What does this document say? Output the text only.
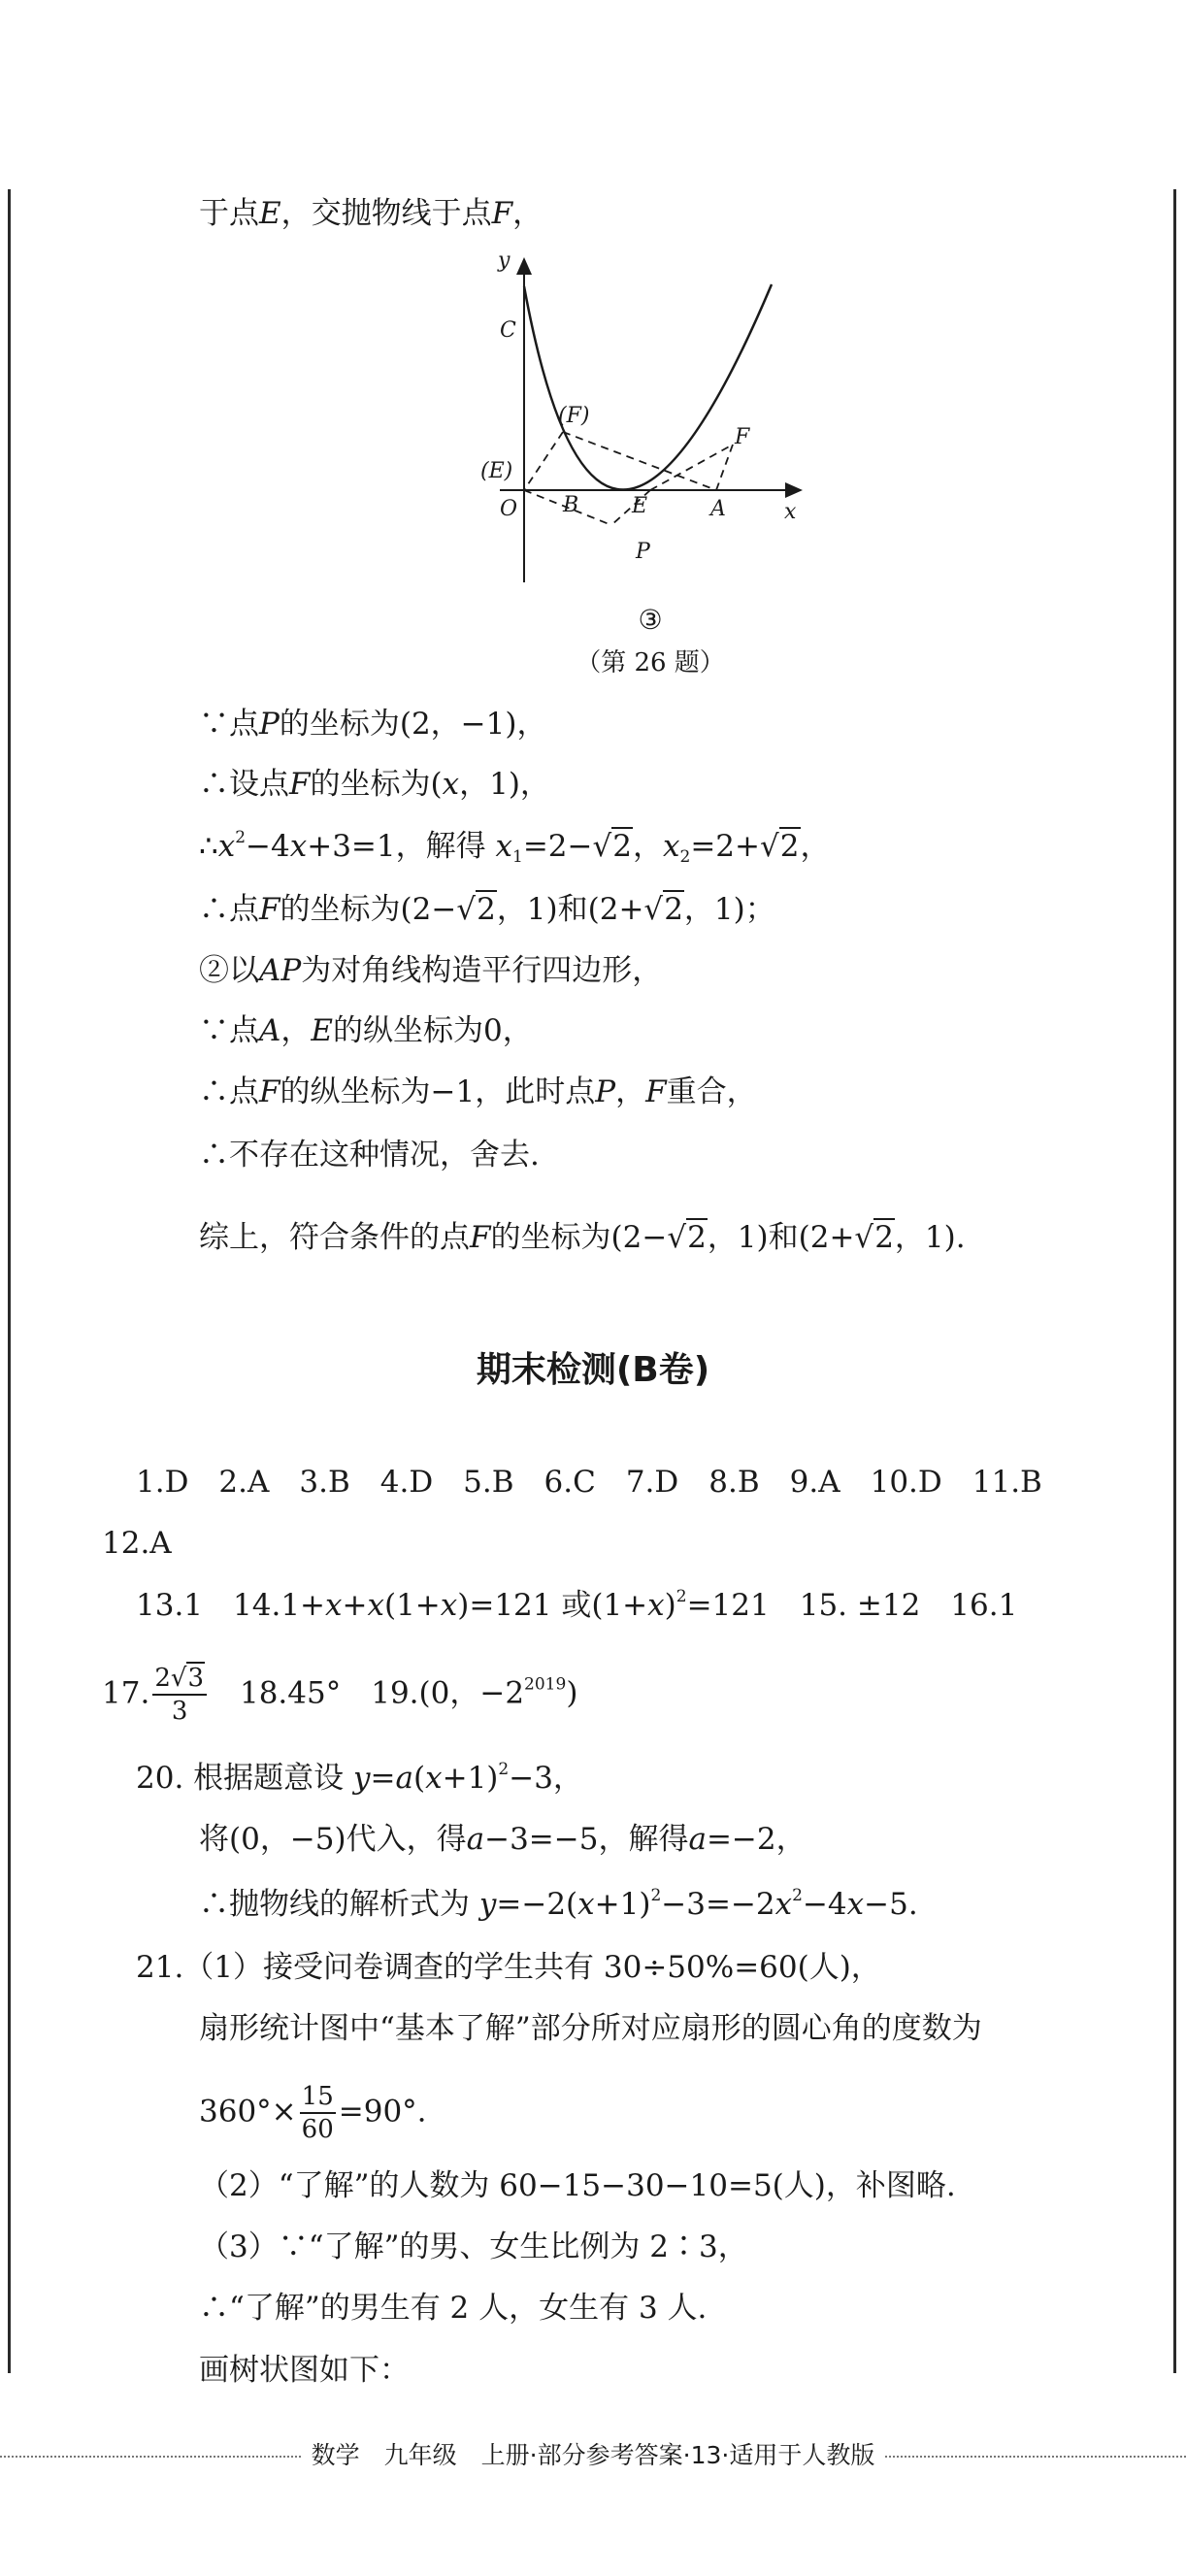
于点E，交抛物线于点F，
y
x
C
(F)
F
(E)
O B E	A
P
③
（第 26 题）
∵点P的坐标为(2，−1)，
∴设点F的坐标为(x，1)，
$\therefore x^2-4x+3=1$，解得 $x_1=2-√2$，$x_2=2+√2$，
∴点F的坐标为(2−√2，1)和(2+√2，1)；
②以AP为对角线构造平行四边形，
∵点A，E的纵坐标为0，
∴点F的纵坐标为−1，此时点P，F重合，
∴不存在这种情况，舍去.
综上，符合条件的点F的坐标为(2−√2，1)和(2+√2，1).
期末检测(B卷)
1.D　2.A　3.B　4.D　5.B　6.C　7.D　8.B　9.A　10.D　11.B
12.A
13.1　14.1+x+x(1+x)=121 或$(1+x)^2=121$　15. ±12　16.1
17. $\frac{2√3}{3}$
　 18.45°　19.(0，$-2^{2019}$)
20. 根据题意设 $y=a(x+1)^2-3$，
将(0，−5)代入，得a−3=−5，解得a=−2，
∴抛物线的解析式为 $y=-2(x+1)^2-3=-2x^2-4x-5$.
21.（1）接受问卷调查的学生共有 30÷50%=60(人)，
扇形统计图中“基本了解”部分所对应扇形的圆心角的度数为
$360^\circ\times \frac{15}{60} =90^\circ$.
（2）“了解”的人数为 60−15−30−10=5(人)，补图略.
（3）∵“了解”的男、女生比例为 2∶3，
∴“了解”的男生有 2 人，女生有 3 人.
画树状图如下：
数学　九年级　上册·部分参考答案·13·适用于人教版
